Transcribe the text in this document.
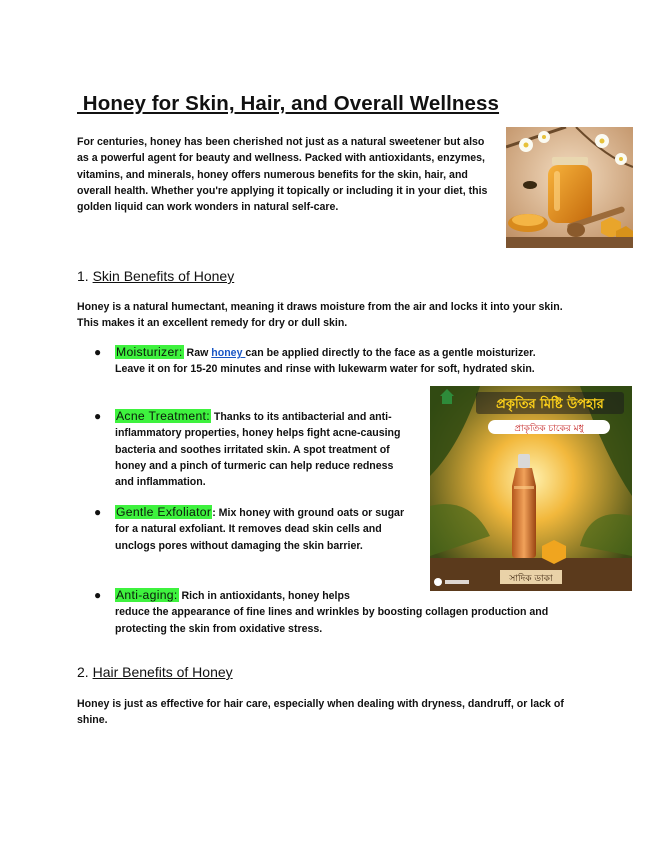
Honey for Skin, Hair, and Overall Wellness

For centuries, honey has been cherished not just as a natural sweetener but also as a powerful agent for beauty and wellness. Packed with antioxidants, enzymes, vitamins, and minerals, honey offers numerous benefits for the skin, hair, and overall health. Whether you're applying it topically or including it in your diet, this golden liquid can work wonders in natural self-care.

1. Skin Benefits of Honey

Honey is a natural humectant, meaning it draws moisture from the air and locks it into your skin. This makes it an excellent remedy for dry or dull skin.

● Moisturizer: Raw honey can be applied directly to the face as a gentle moisturizer. Leave it on for 15-20 minutes and rinse with lukewarm water for soft, hydrated skin.
● Acne Treatment: Thanks to its antibacterial and anti-inflammatory properties, honey helps fight acne-causing bacteria and soothes irritated skin. A spot treatment of honey and a pinch of turmeric can help reduce redness and inflammation.
● Gentle Exfoliator: Mix honey with ground oats or sugar for a natural exfoliant. It removes dead skin cells and unclogs pores without damaging the skin barrier.
● Anti-aging: Rich in antioxidants, honey helps
reduce the appearance of fine lines and wrinkles by boosting collagen production and protecting the skin from oxidative stress.
প্রকৃতির মিষ্টি উপহার
প্রাকৃতিক চাকের মধু
সাদিক ডাকা
2. Hair Benefits of Honey

Honey is just as effective for hair care, especially when dealing with dryness, dandruff, or lack of shine.
